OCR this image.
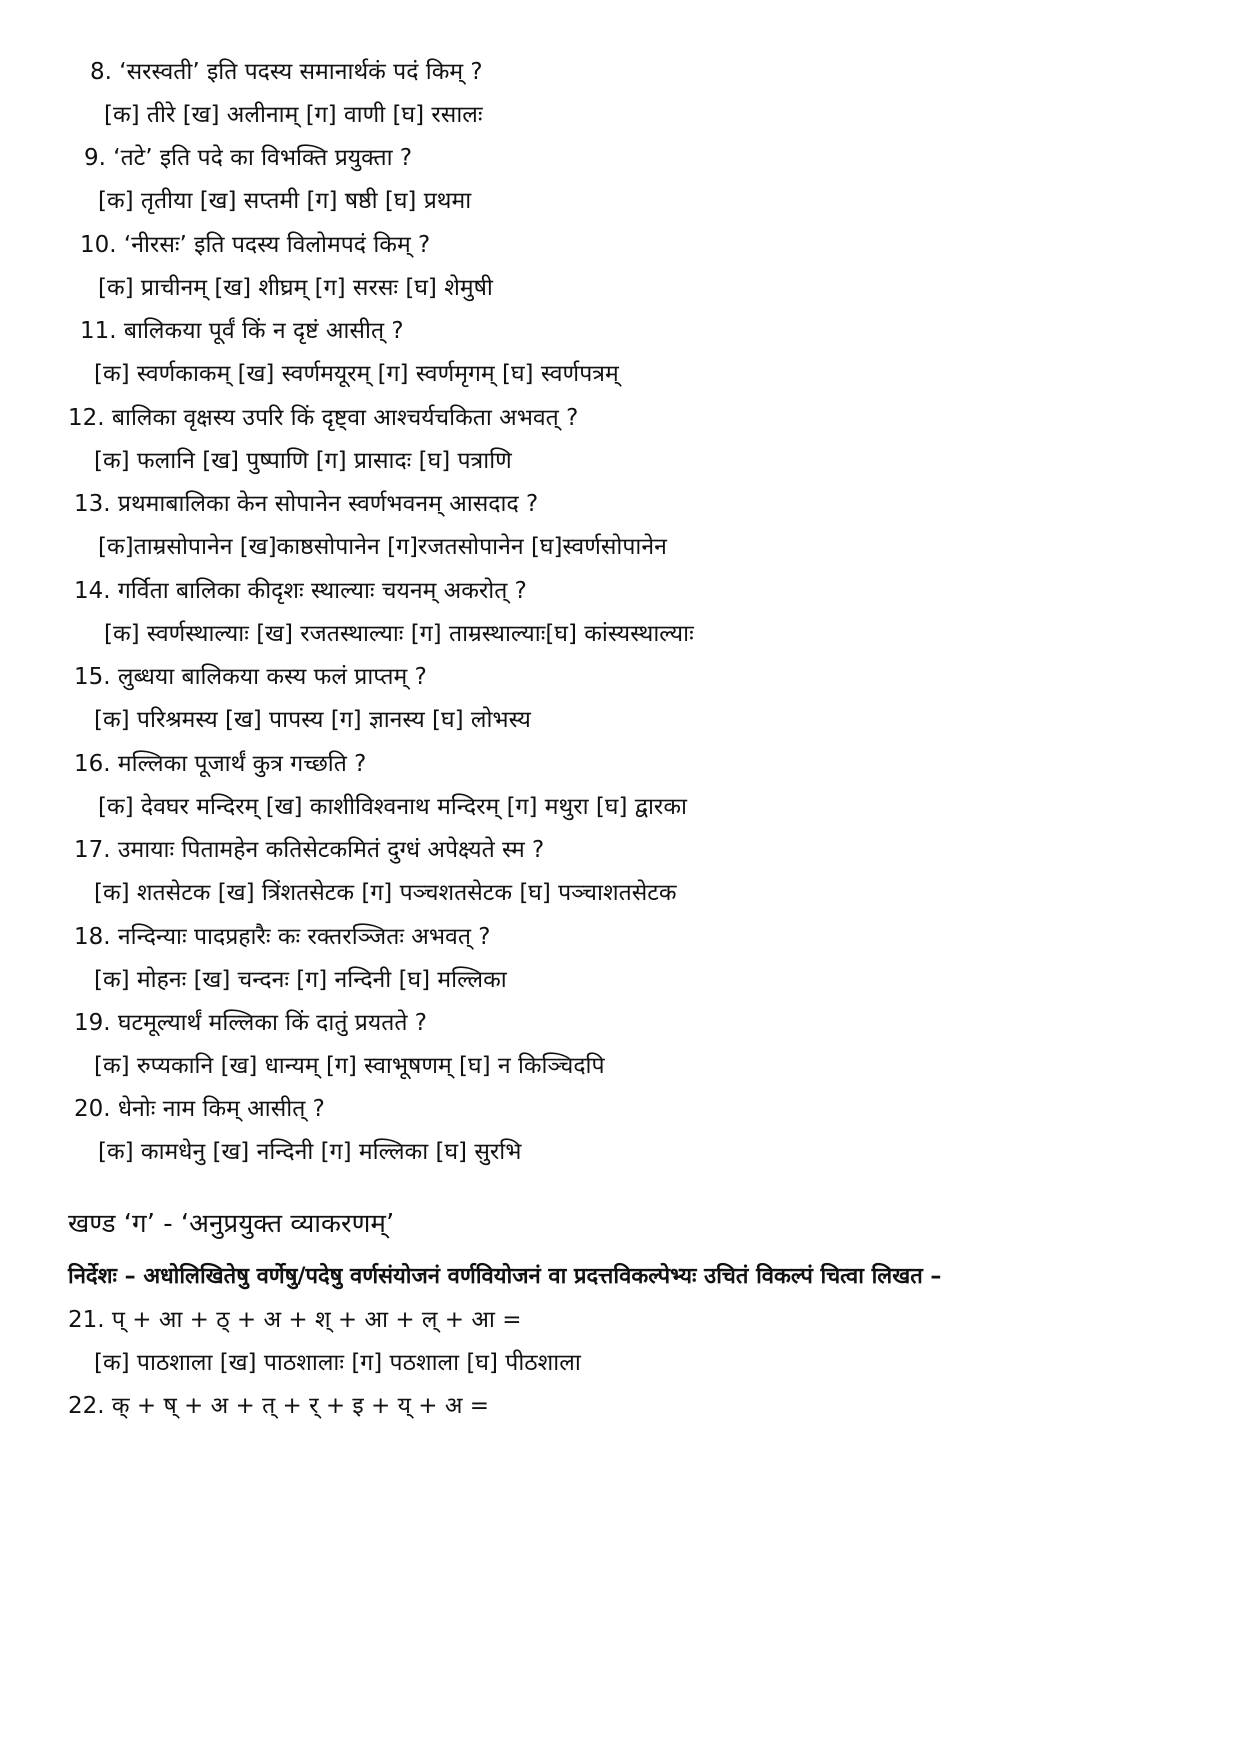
8. ‘सरस्वती’ इति पदस्य समानार्थकं पदं किम् ?
[क] तीरे [ख] अलीनाम् [ग] वाणी [घ] रसालः
9. ‘तटे’ इति पदे का विभक्ति प्रयुक्ता ?
[क] तृतीया [ख] सप्तमी [ग] षष्ठी [घ] प्रथमा
10. ‘नीरसः’ इति पदस्य विलोमपदं किम् ?
[क] प्राचीनम् [ख] शीघ्रम् [ग] सरसः [घ] शेमुषी
11. बालिकया पूर्वं किं न दृष्टं आसीत् ?
[क] स्वर्णकाकम् [ख] स्वर्णमयूरम् [ग] स्वर्णमृगम् [घ] स्वर्णपत्रम्
12. बालिका वृक्षस्य उपरि किं दृष्ट्वा आश्चर्यचकिता अभवत् ?
[क] फलानि [ख] पुष्पाणि [ग] प्रासादः [घ] पत्राणि
13. प्रथमाबालिका केन सोपानेन स्वर्णभवनम् आसदाद ?
[क]ताम्रसोपानेन [ख]काष्ठसोपानेन [ग]रजतसोपानेन [घ]स्वर्णसोपानेन
14. गर्विता बालिका कीदृशः स्थाल्याः चयनम् अकरोत् ?
[क] स्वर्णस्थाल्याः [ख] रजतस्थाल्याः [ग] ताम्रस्थाल्याः[घ] कांस्यस्थाल्याः
15. लुब्धया बालिकया कस्य फलं प्राप्तम् ?
[क] परिश्रमस्य [ख] पापस्य [ग] ज्ञानस्य [घ] लोभस्य
16. मल्लिका पूजार्थं कुत्र गच्छति ?
[क] देवघर मन्दिरम् [ख] काशीविश्वनाथ मन्दिरम् [ग] मथुरा [घ] द्वारका
17. उमायाः पितामहेन कतिसेटकमितं दुग्धं अपेक्ष्यते स्म ?
[क] शतसेटक [ख] त्रिंशतसेटक [ग] पञ्चशतसेटक [घ] पञ्चाशतसेटक
18. नन्दिन्याः पादप्रहारैः कः रक्तरञ्जितः अभवत् ?
[क] मोहनः [ख] चन्दनः [ग] नन्दिनी [घ] मल्लिका
19. घटमूल्यार्थं मल्लिका किं दातुं प्रयतते ?
[क] रुप्यकानि [ख] धान्यम् [ग] स्वाभूषणम् [घ] न किञ्चिदपि
20. धेनोः नाम किम् आसीत् ?
[क] कामधेनु [ख] नन्दिनी [ग] मल्लिका [घ] सुरभि
खण्ड ‘ग’ - ‘अनुप्रयुक्त व्याकरणम्’
निर्देशः – अधोलिखितेषु वर्णेषु/पदेषु वर्णसंयोजनं वर्णवियोजनं वा प्रदत्तविकल्पेभ्यः उचितं विकल्पं चित्वा लिखत –
21. प् + आ + ठ् + अ + श् + आ + ल् + आ =
[क] पाठशाला [ख] पाठशालाः [ग] पठशाला [घ] पीठशाला
22. क् + ष् + अ + त् + र् + इ + य् + अ =
